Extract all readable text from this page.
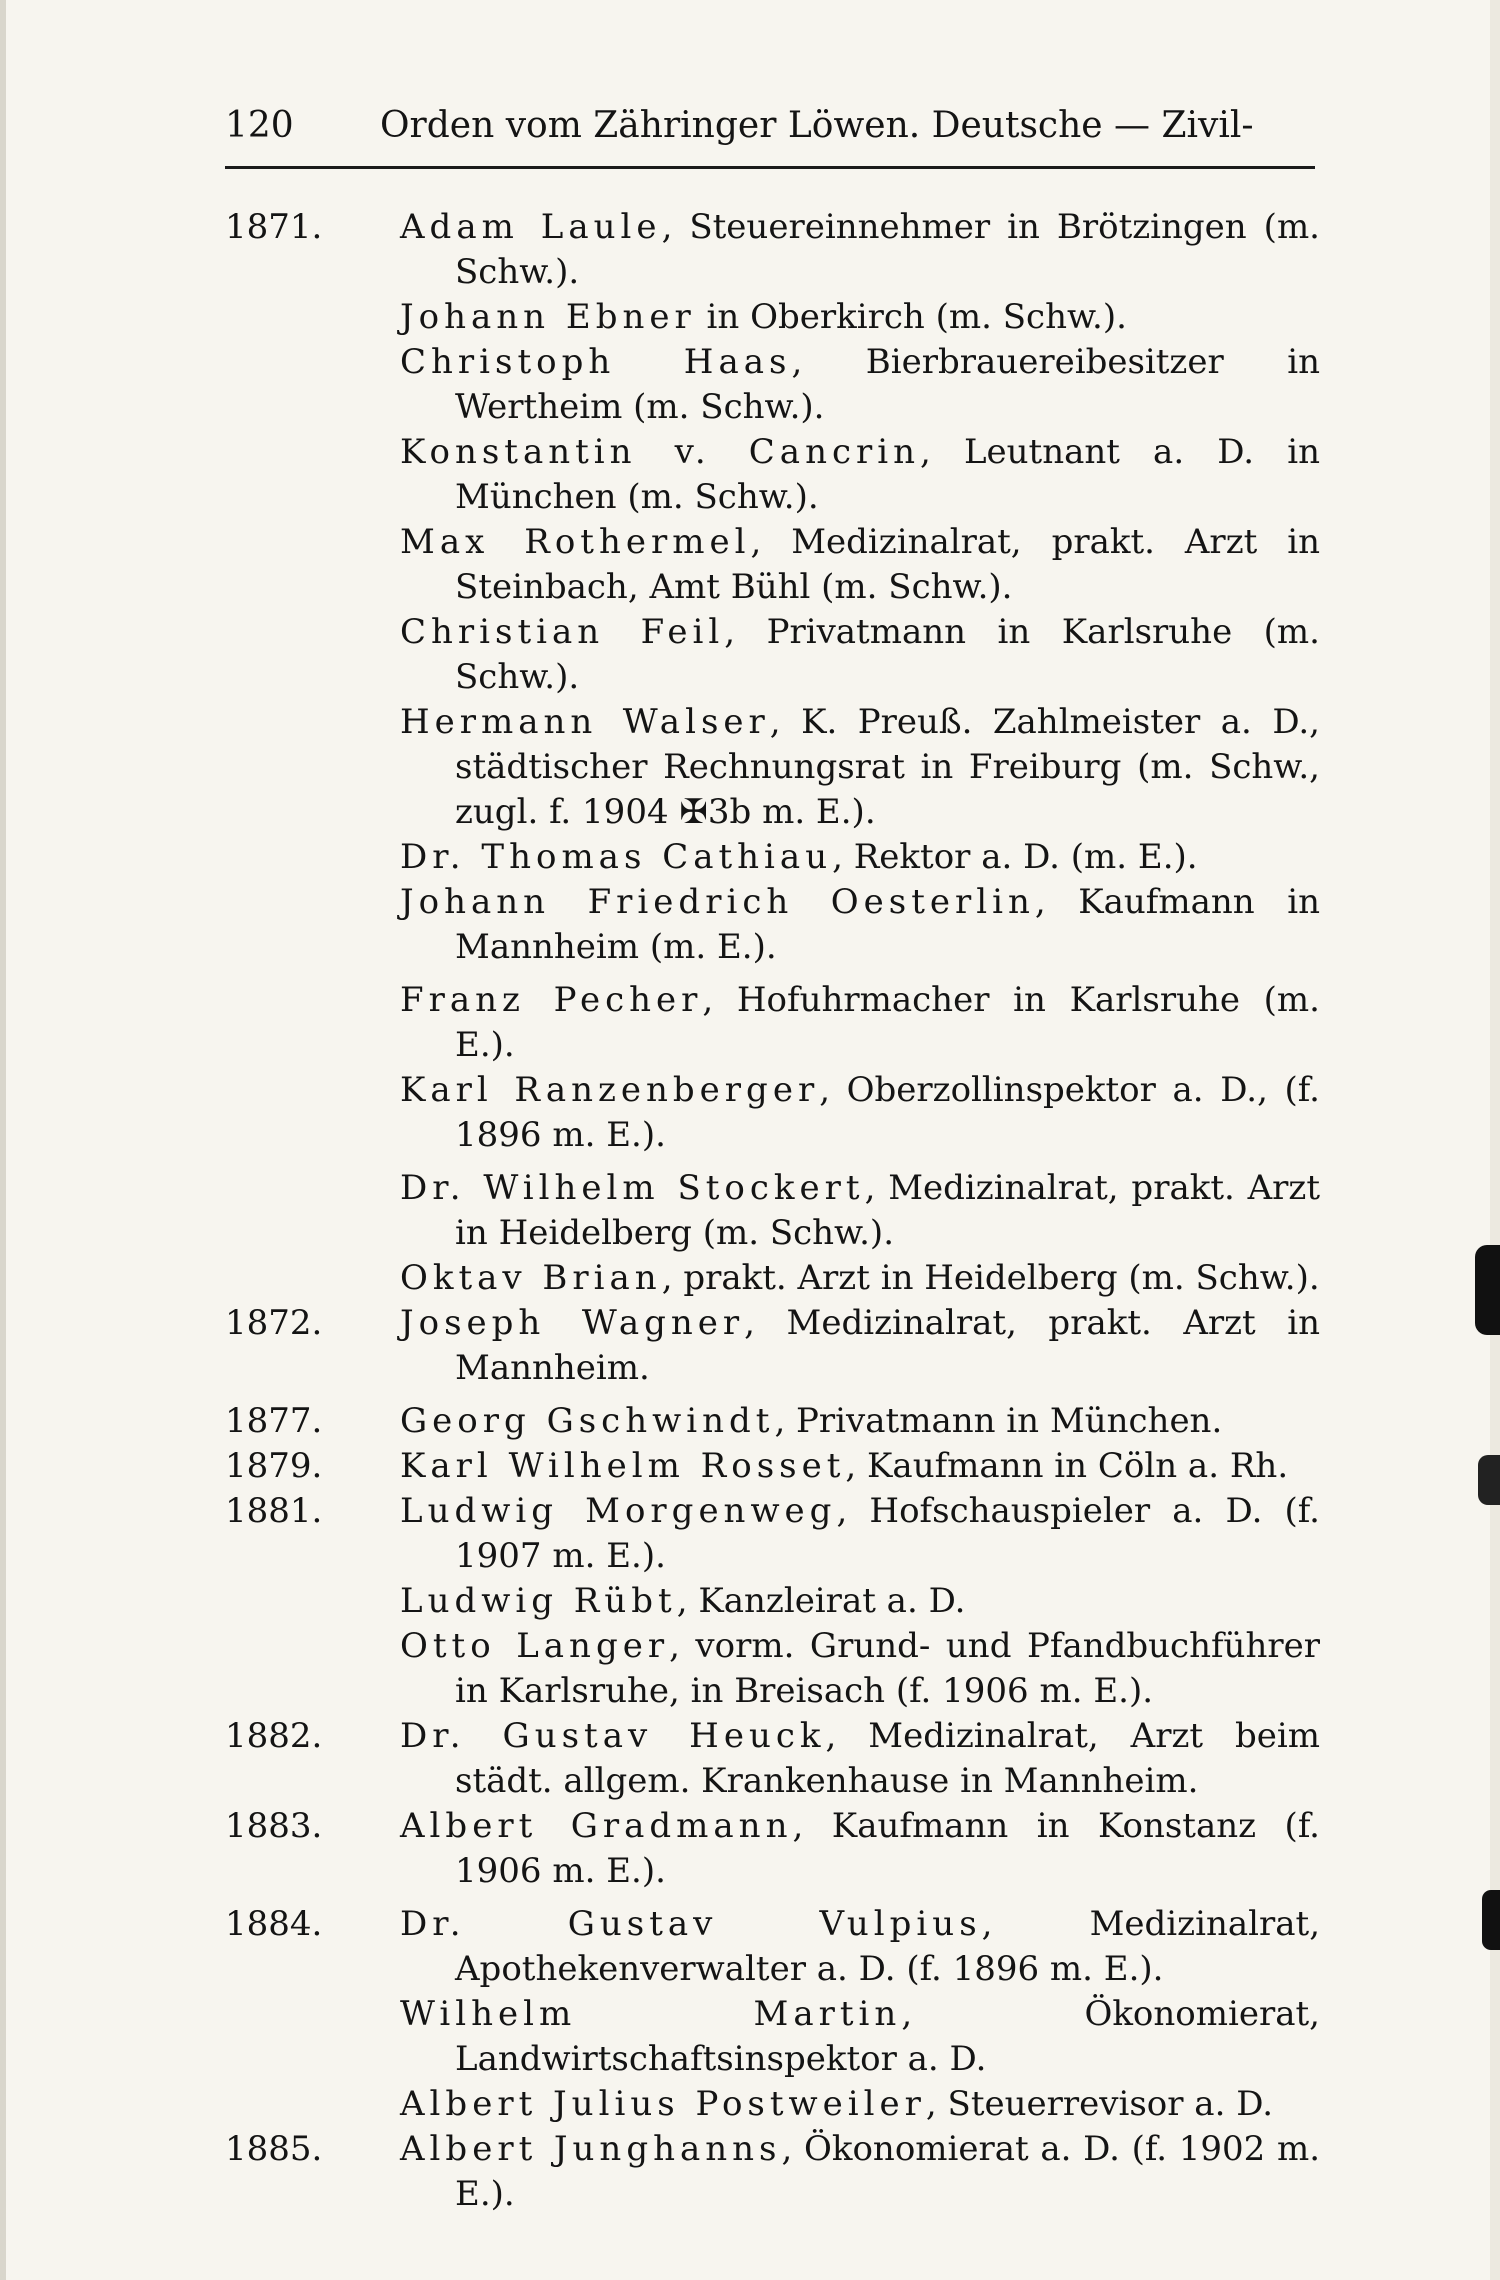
120 Orden vom Zähringer Löwen. Deutsche — Zivil-
1871. Adam Laule, Steuereinnehmer in Brötzingen (m. Schw.).
Johann Ebner in Oberkirch (m. Schw.).
Christoph Haas, Bierbrauereibesitzer in Wertheim (m. Schw.).
Konstantin v. Cancrin, Leutnant a. D. in München (m. Schw.).
Max Rothermel, Medizinalrat, prakt. Arzt in Steinbach, Amt Bühl (m. Schw.).
Christian Feil, Privatmann in Karlsruhe (m. Schw.).
Hermann Walser, K. Preuß. Zahlmeister a. D., städtischer Rechnungsrat in Freiburg (m. Schw., zugl. f. 1904 ✠3b m. E.).
Dr. Thomas Cathiau, Rektor a. D. (m. E.).
Johann Friedrich Oesterlin, Kaufmann in Mannheim (m. E.).
Franz Pecher, Hofuhrmacher in Karlsruhe (m. E.).
Karl Ranzenberger, Oberzollinspektor a. D., (f. 1896 m. E.).
Dr. Wilhelm Stockert, Medizinalrat, prakt. Arzt in Heidelberg (m. Schw.).
Oktav Brian, prakt. Arzt in Heidelberg (m. Schw.).
1872. Joseph Wagner, Medizinalrat, prakt. Arzt in Mannheim.
1877. Georg Gschwindt, Privatmann in München.
1879. Karl Wilhelm Rosset, Kaufmann in Cöln a. Rh.
1881. Ludwig Morgenweg, Hofschauspieler a. D. (f. 1907 m. E.).
Ludwig Rübt, Kanzleirat a. D.
Otto Langer, vorm. Grund- und Pfandbuchführer in Karlsruhe, in Breisach (f. 1906 m. E.).
1882. Dr. Gustav Heuck, Medizinalrat, Arzt beim städt. allgem. Krankenhause in Mannheim.
1883. Albert Gradmann, Kaufmann in Konstanz (f. 1906 m. E.).
1884. Dr. Gustav Vulpius, Medizinalrat, Apothekenverwalter a. D. (f. 1896 m. E.).
Wilhelm Martin, Ökonomierat, Landwirtschaftsinspektor a. D.
Albert Julius Postweiler, Steuerrevisor a. D.
1885. Albert Junghanns, Ökonomierat a. D. (f. 1902 m. E.).
